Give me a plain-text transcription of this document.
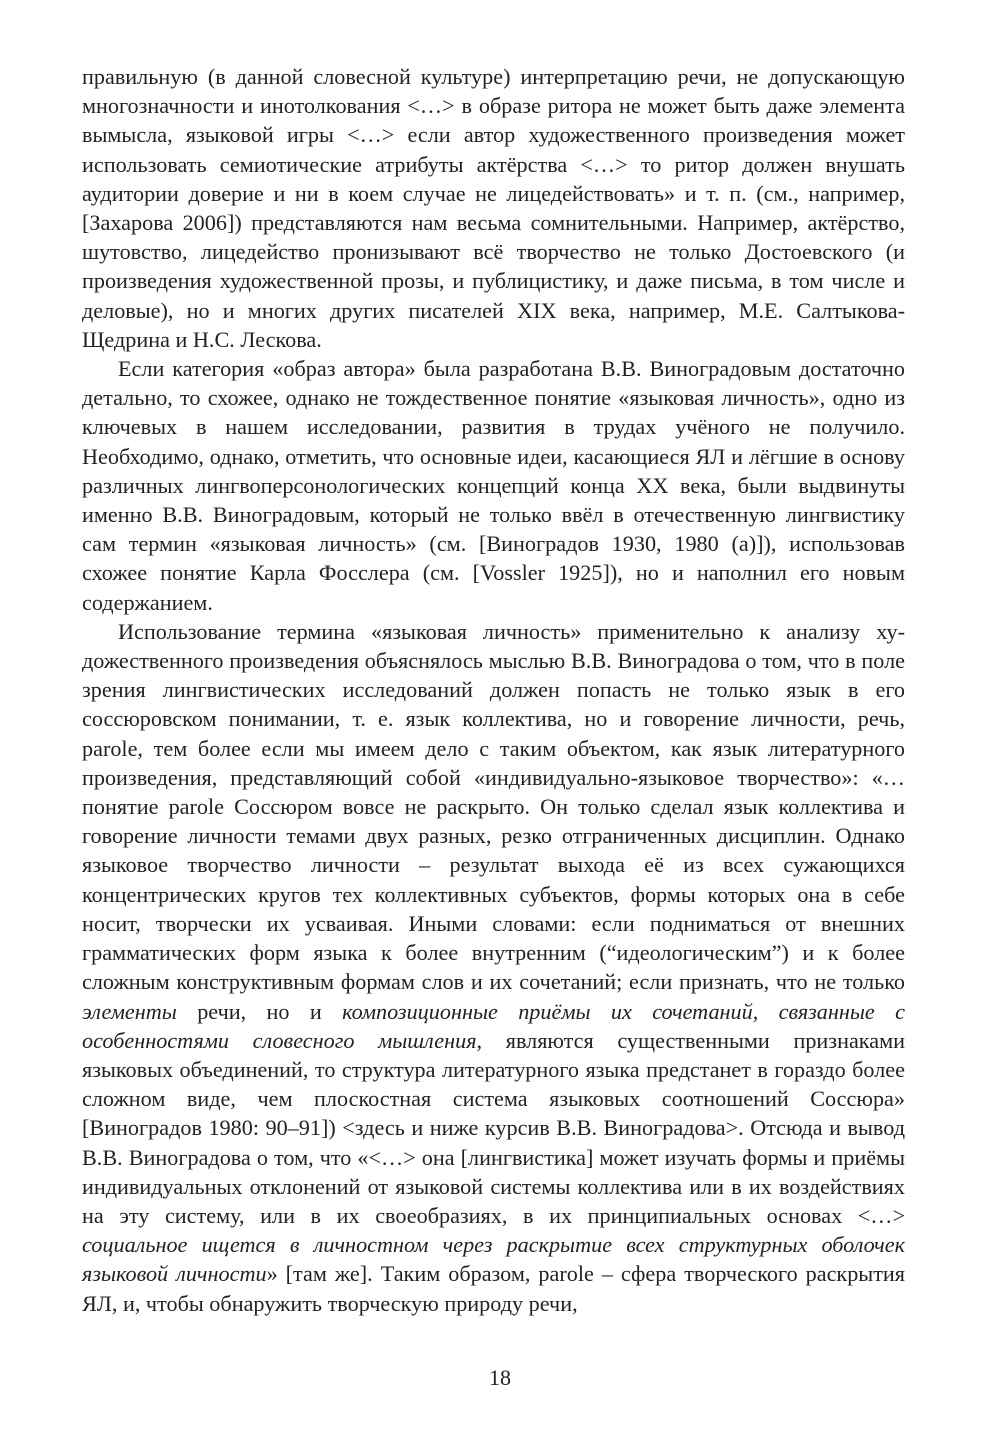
правильную (в данной словесной культуре) интерпретацию речи, не допускающую многозначности и инотолкования <…> в образе ритора не может быть даже элемента вымысла, языковой игры <…> если автор художественного произведения может использовать семиотические атрибуты актёрства <…> то ритор должен внушать аудитории доверие и ни в коем случае не лицедействовать» и т. п. (см., например, [Захарова 2006]) представляются нам весьма сомнительными. Например, актёрство, шутовство, лицедейство пронизывают всё творчество не только Достоевского (и произведения художественной прозы, и публицистику, и даже письма, в том числе и деловые), но и многих других писателей XIX века, например, М.Е. Салтыкова-Щедрина и Н.С. Лескова.

Если категория «образ автора» была разработана В.В. Виноградовым достаточно детально, то схожее, однако не тождественное понятие «языковая личность», одно из ключевых в нашем исследовании, развития в трудах учёного не получило. Необходимо, однако, отметить, что основные идеи, касающиеся ЯЛ и лёгшие в основу различных лингвоперсонологических концепций конца XX века, были выдвинуты именно В.В. Виноградовым, который не только ввёл в отечественную лингвистику сам термин «языковая личность» (см. [Виноградов 1930, 1980 (а)]), использовав схожее понятие Карла Фосслера (см. [Vossler 1925]), но и наполнил его новым содержанием.

Использование термина «языковая личность» применительно к анализу художественного произведения объяснялось мыслью В.В. Виноградова о том, что в поле зрения лингвистических исследований должен попасть не только язык в его соссюровском понимании, т. е. язык коллектива, но и говорение личности, речь, parole, тем более если мы имеем дело с таким объектом, как язык литературного произведения, представляющий собой «индивидуально-языковое творчество»: «…понятие parole Соссюром вовсе не раскрыто. Он только сделал язык коллектива и говорение личности темами двух разных, резко отграниченных дисциплин. Однако языковое творчество личности – результат выхода её из всех сужающихся концентрических кругов тех коллективных субъектов, формы которых она в себе носит, творчески их усваивая. Иными словами: если подниматься от внешних грамматических форм языка к более внутренним (“идеологическим”) и к более сложным конструктивным формам слов и их сочетаний; если признать, что не только элементы речи, но и композиционные приёмы их сочетаний, связанные с особенностями словесного мышления, являются существенными признаками языковых объединений, то структура литературного языка предстанет в гораздо более сложном виде, чем плоскостная система языковых соотношений Соссюра» [Виноградов 1980: 90–91]) <здесь и ниже курсив В.В. Виноградова>. Отсюда и вывод В.В. Виноградова о том, что «<…> она [лингвистика] может изучать формы и приёмы индивидуальных отклонений от языковой системы коллектива или в их воздействиях на эту систему, или в их своеобразиях, в их принципиальных основах <…> социальное ищется в личностном через раскрытие всех структурных оболочек языковой личности» [там же]. Таким образом, parole – сфера творческого раскрытия ЯЛ, и, чтобы обнаружить творческую природу речи,

18
